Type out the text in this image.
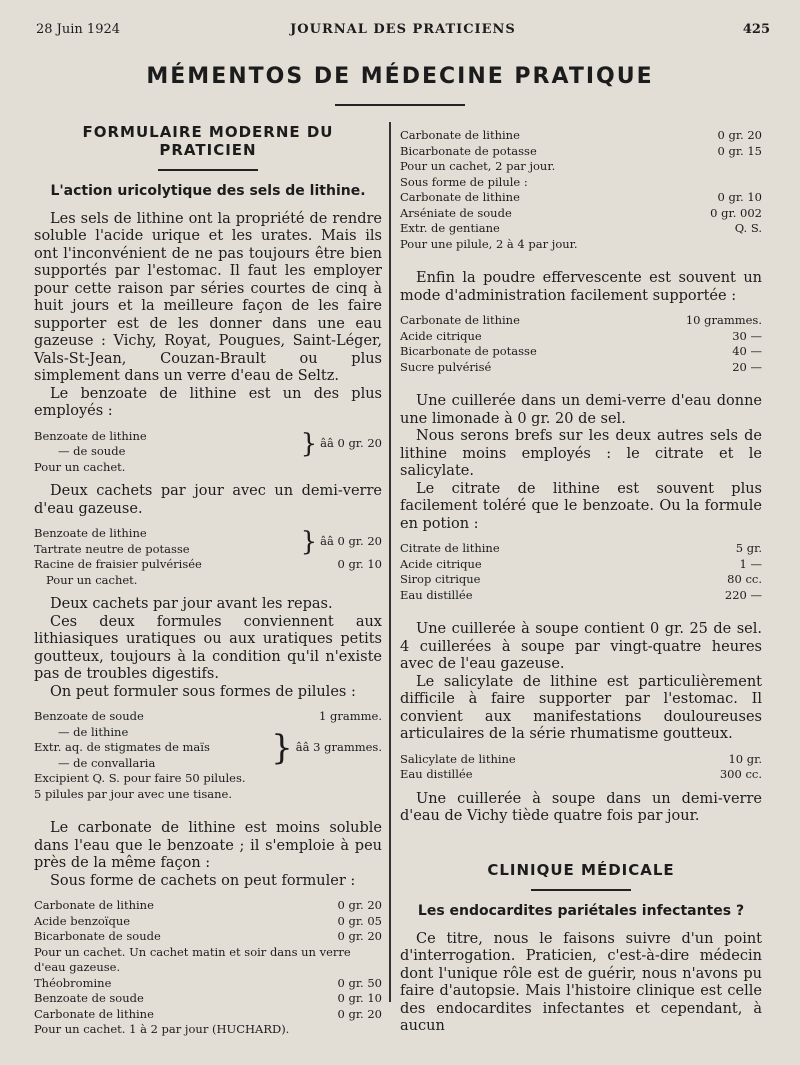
28 Juin 1924	JOURNAL DES PRATICIENS	425
MÉMENTOS DE MÉDECINE PRATIQUE
FORMULAIRE MODERNE DU PRATICIEN
L'action uricolytique des sels de lithine.

Les sels de lithine ont la propriété de rendre soluble l'acide urique et les urates. Mais ils ont l'inconvénient de ne pas toujours être bien supportés par l'estomac. Il faut les employer pour cette raison par séries courtes de cinq à huit jours et la meilleure façon de les faire supporter est de les donner dans une eau gazeuse : Vichy, Royat, Pougues, Saint-Léger, Vals-St-Jean, Couzan-Brault ou plus simplement dans un verre d'eau de Seltz.

Le benzoate de lithine est un des plus employés :

Benzoate de lithine
— de soude	} ââ 0 gr. 20
Pour un cachet.

Deux cachets par jour avec un demi-verre d'eau gazeuse.

Benzoate de lithine
Tartrate neutre de potasse	} ââ 0 gr. 20
Racine de fraisier pulvérisée	0 gr. 10
Pour un cachet.

Deux cachets par jour avant les repas.

Ces deux formules conviennent aux lithiasiques uratiques ou aux uratiques petits goutteux, toujours à la condition qu'il n'existe pas de troubles digestifs.

On peut formuler sous formes de pilules :

Benzoate de soude	1 gramme.
— de lithine
Extr. aq. de stigmates de maïs
— de convallaria	} ââ 3 grammes.
Excipient Q. S. pour faire 50 pilules.
5 pilules par jour avec une tisane.

Le carbonate de lithine est moins soluble dans l'eau que le benzoate ; il s'emploie à peu près de la même façon :

Sous forme de cachets on peut formuler :

Carbonate de lithine	0 gr. 20
Acide benzoïque	0 gr. 05
Bicarbonate de soude	0 gr. 20
Pour un cachet. Un cachet matin et soir dans un verre d'eau gazeuse.
Théobromine	0 gr. 50
Benzoate de soude	0 gr. 10
Carbonate de lithine	0 gr. 20
Pour un cachet. 1 à 2 par jour (HUCHARD).
Carbonate de lithine	0 gr. 20
Bicarbonate de potasse	0 gr. 15
Pour un cachet, 2 par jour.
Sous forme de pilule :
Carbonate de lithine	0 gr. 10
Arséniate de soude	0 gr. 002
Extr. de gentiane	Q. S.
Pour une pilule, 2 à 4 par jour.

Enfin la poudre effervescente est souvent un mode d'administration facilement supportée :

Carbonate de lithine	10 grammes.
Acide citrique	30 —
Bicarbonate de potasse	40 —
Sucre pulvérisé	20 —

Une cuillerée dans un demi-verre d'eau donne une limonade à 0 gr. 20 de sel.

Nous serons brefs sur les deux autres sels de lithine moins employés : le citrate et le salicylate.

Le citrate de lithine est souvent plus facilement toléré que le benzoate. Ou la formule en potion :

Citrate de lithine	5 gr.
Acide citrique	1 —
Sirop citrique	80 cc.
Eau distillée	220 —

Une cuillerée à soupe contient 0 gr. 25 de sel. 4 cuillerées à soupe par vingt-quatre heures avec de l'eau gazeuse.

Le salicylate de lithine est particulièrement difficile à faire supporter par l'estomac. Il convient aux manifestations douloureuses articulaires de la série rhumatisme goutteux.

Salicylate de lithine	10 gr.
Eau distillée	300 cc.

Une cuillerée à soupe dans un demi-verre d'eau de Vichy tiède quatre fois par jour.

CLINIQUE MÉDICALE
Les endocardites pariétales infectantes ?

Ce titre, nous le faisons suivre d'un point d'interrogation. Praticien, c'est-à-dire médecin dont l'unique rôle est de guérir, nous n'avons pu faire d'autopsie. Mais l'histoire clinique est celle des endocardites infectantes et cependant, à aucun
